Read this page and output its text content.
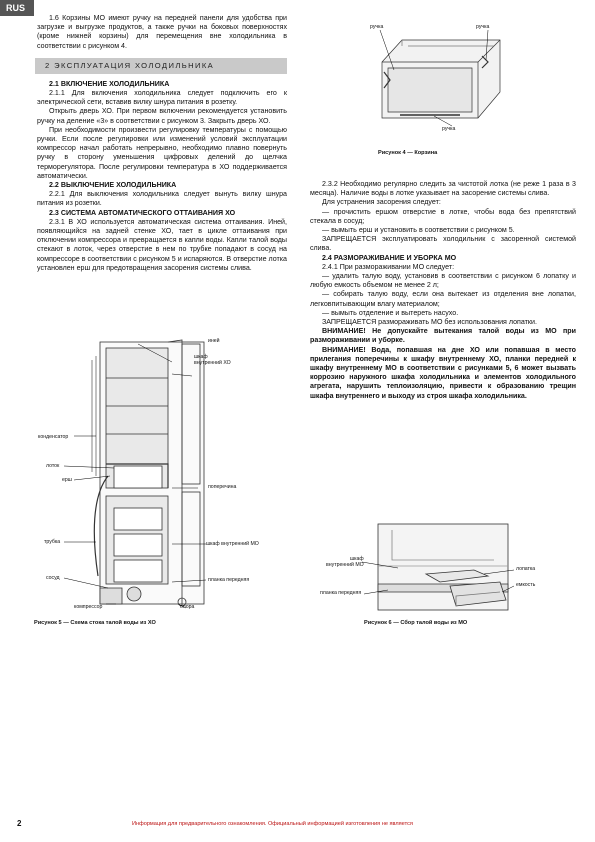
RUS

1.6 Корзины МО имеют ручку на передней панели для удобства при загрузке и выгрузке продуктов, а также ручки на боковых поверхностях (кроме нижней корзины) для перемещения вне холодильника в соответствии с рисунком 4.

2 ЭКСПЛУАТАЦИЯ ХОЛОДИЛЬНИКА

2.1 ВКЛЮЧЕНИЕ ХОЛОДИЛЬНИКА

2.1.1 Для включения холодильника следует подключить его к электрической сети, вставив вилку шнура питания в розетку.

Открыть дверь ХО. При первом включении рекомендуется установить ручку на деление «3» в соответствии с рисунком 3. Закрыть дверь ХО.

При необходимости произвести регулировку температуры с помощью ручки. Если после регулировки или изменений условий эксплуатации компрессор начал работать непрерывно, необходимо плавно повернуть ручку в сторону уменьшения цифровых делений до щелчка терморегулятора. После регулировки температура в ХО поддерживается автоматически.

2.2 ВЫКЛЮЧЕНИЕ ХОЛОДИЛЬНИКА

2.2.1 Для выключения холодильника следует вынуть вилку шнура питания из розетки.

2.3 СИСТЕМА АВТОМАТИЧЕСКОГО ОТТАИВАНИЯ ХО

2.3.1 В ХО используется автоматическая система оттаивания. Иней, появляющийся на задней стенке ХО, тает в цикле оттаивания при отключении компрессора и превращается в капли воды. Капли талой воды стекают в лоток, через отверстие в нем по трубке попадают в сосуд на компрессоре в соответствии с рисунком 5 и испаряются. В отверстие лотка установлен ерш для предотвращения засорения системы слива.

ручка	ручка
ручка
Рисунок 4 — Корзина

2.3.2 Необходимо регулярно следить за чистотой лотка (не реже 1 раза в 3 месяца). Наличие воды в лотке указывает на засорение системы слива.

Для устранения засорения следует:

— прочистить ершом отверстие в лотке, чтобы вода без препятствий стекала в сосуд;

— вымыть ерш и установить в соответствии с рисунком 5.

ЗАПРЕЩАЕТСЯ эксплуатировать холодильник с засоренной системой слива.

2.4 РАЗМОРАЖИВАНИЕ И УБОРКА МО

2.4.1 При размораживании МО следует:

— удалить талую воду, установив в соответствии с рисунком 6 лопатку и любую емкость объемом не менее 2 л;

— собирать талую воду, если она вытекает из отделения вне лопатки, легковпитывающим влагу материалом;

— вымыть отделение и вытереть насухо.

ЗАПРЕЩАЕТСЯ размораживать МО без использования лопатки.

ВНИМАНИЕ! Не допускайте вытекания талой воды из МО при размораживании и уборке.

ВНИМАНИЕ! Вода, попавшая на дне ХО или попавшая в место прилегания поперечины к шкафу внутреннему ХО, планки передней к шкафу внутреннему МО в соответствии с рисунками 5, 6 может вызвать коррозию наружного шкафа холодильника и элементов холодильного агрегата, нарушить теплоизоляцию, привести к образованию трещин шкафа внутреннего и выходу из строя шкафа холодильника.

иней
шкаф
внутренний ХО
конденсатор
лоток
ерш
поперечина
трубка	шкаф внутренний МО
сосуд	планка передняя
компрессор	опора
Рисунок 5 — Схема стока талой воды из ХО
шкаф
внутренний МО
лопатка
емкость
планка передняя
Рисунок 6 — Сбор талой воды из МО
2	Информация для предварительного ознакомления. Официальный информацией изготовления не является
